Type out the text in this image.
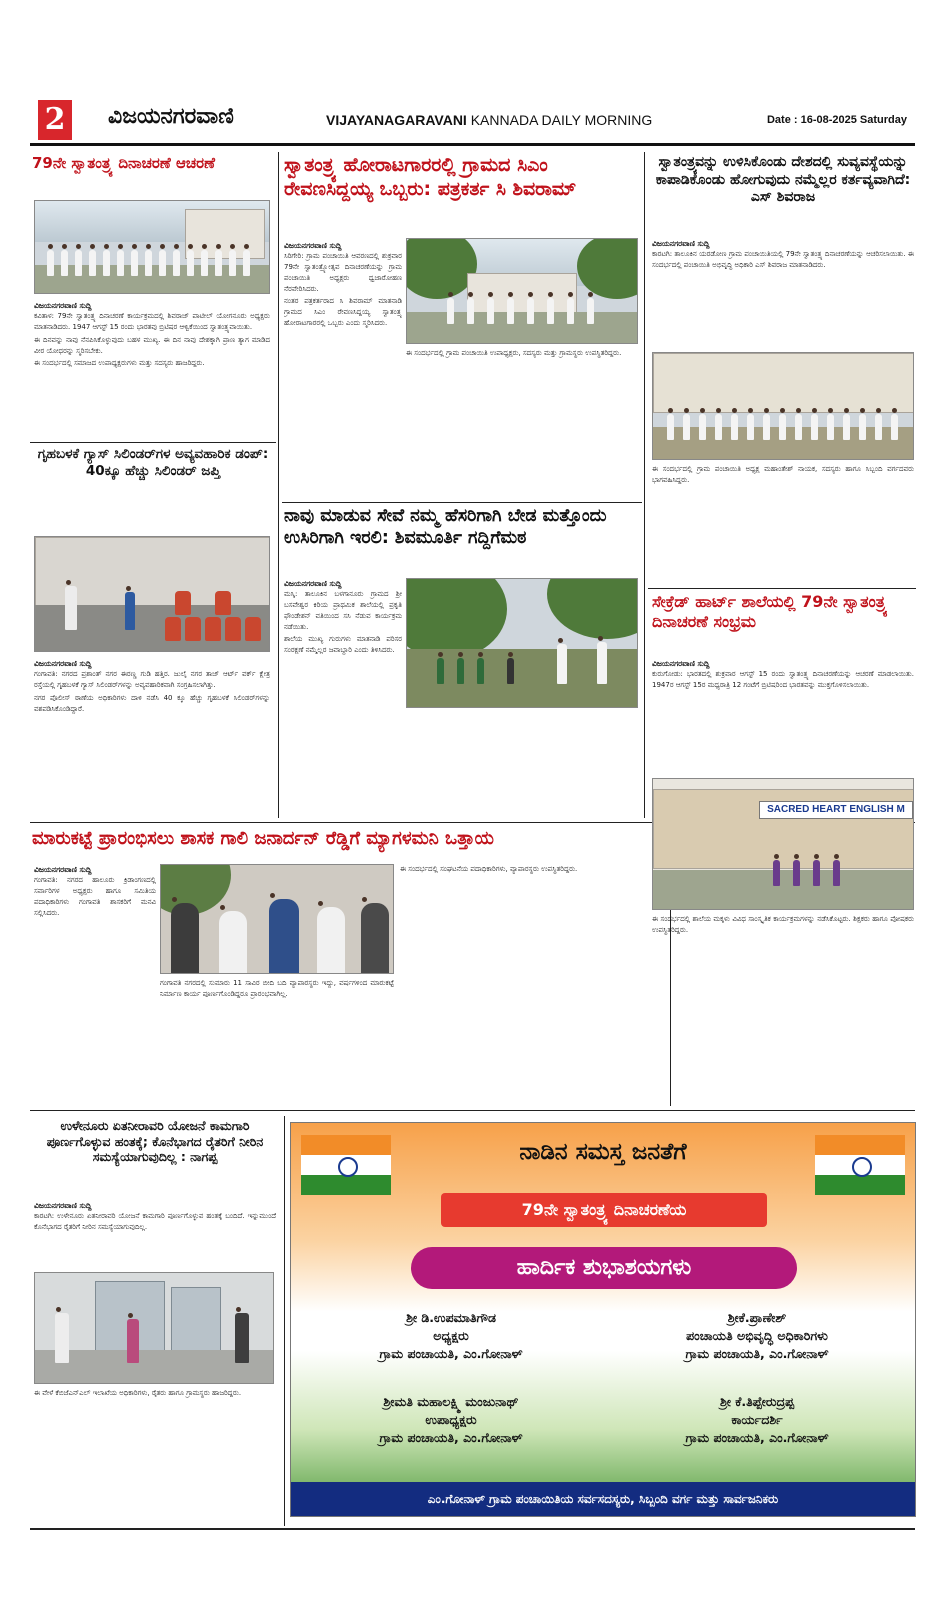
2 ವಿಜಯನಗರವಾಣಿ	VIJAYANAGARAVANI KANNADA DAILY MORNING	Date : 16-08-2025 Saturday
79ನೇ ಸ್ವಾತಂತ್ರ್ಯ ದಿನಾಚರಣೆ ಆಚರಣೆ
ವಿಜಯನಗರವಾಣಿ ಸುದ್ದಿ

ಕವಿತಾಳ: 79ನೇ ಸ್ವಾತಂತ್ರ್ಯ ದಿನಾಚರಣೆ ಕಾರ್ಯಕ್ರಮದಲ್ಲಿ ಶಿವರಾಜ್ ಪಾಟೀಲ್ ಯೋಗನೂರು ಅಧ್ಯಕ್ಷರು ಮಾತನಾಡಿದರು. 1947 ಆಗಸ್ಟ್ 15 ರಂದು ಭಾರತವು ಬ್ರಿಟಿಷರ ಆಳ್ವಿಕೆಯಿಂದ ಸ್ವಾತಂತ್ರ್ಯವಾಯಿತು.

ಈ ದಿನವನ್ನು ನಾವು ನೆನಪಿಸಿಕೊಳ್ಳುವುದು ಬಹಳ ಮುಖ್ಯ. ಈ ದಿನ ನಾವು ದೇಶಕ್ಕಾಗಿ ಪ್ರಾಣ ತ್ಯಾಗ ಮಾಡಿದ ವೀರ ಯೋಧರನ್ನು ಸ್ಮರಿಸಬೇಕು.

ಈ ಸಂದರ್ಭದಲ್ಲಿ ಸಮಾಜದ ಉಪಾಧ್ಯಕ್ಷರುಗಳು ಮತ್ತು ಸದಸ್ಯರು ಹಾಜರಿದ್ದರು.

ಗೃಹಬಳಕೆ ಗ್ಯಾಸ್ ಸಿಲಿಂಡರ್‌ಗಳ ಅವ್ಯವಹಾರಿಕ ಡಂಪ್: 40ಕ್ಕೂ ಹೆಚ್ಚು ಸಿಲಿಂಡರ್ ಜಪ್ತಿ
ವಿಜಯನಗರವಾಣಿ ಸುದ್ದಿ

ಗಂಗಾವತಿ: ನಗರದ ಪ್ರಶಾಂತ್ ನಗರ ಈರಣ್ಣ ಗುಡಿ ಹತ್ತಿರ. ಜುಲೈ ನಗರ ತಾಜ್ ಆರ್ಟ್ ವರ್ಕ್ ಕ್ಷೇತ್ರ ರಸ್ತೆಯಲ್ಲಿ ಗೃಹಬಳಕೆ ಗ್ಯಾಸ್ ಸಿಲಿಂಡರ್‌ಗಳನ್ನು ಅವ್ಯವಹಾರಿಕವಾಗಿ ಸಂಗ್ರಹಿಸಲಾಗಿತ್ತು.

ನಗರ ಪೊಲೀಸ್ ಠಾಣೆಯ ಅಧಿಕಾರಿಗಳು ದಾಳಿ ನಡೆಸಿ 40 ಕ್ಕೂ ಹೆಚ್ಚು ಗೃಹಬಳಕೆ ಸಿಲಿಂಡರ್‌ಗಳನ್ನು ವಶಪಡಿಸಿಕೊಂಡಿದ್ದಾರೆ.

ಸ್ವಾತಂತ್ರ್ಯ ಹೋರಾಟಗಾರರಲ್ಲಿ ಗ್ರಾಮದ ಸಿಎಂ ರೇವಣಸಿದ್ದಯ್ಯ ಒಬ್ಬರು: ಪತ್ರಕರ್ತ ಸಿ ಶಿವರಾಮ್
ವಿಜಯನಗರವಾಣಿ ಸುದ್ದಿ

ಸಿರಿಗೇರಿ: ಗ್ರಾಮ ಪಂಚಾಯಿತಿ ಆವರಣದಲ್ಲಿ ಶುಕ್ರವಾರ 79ನೇ ಸ್ವಾತಂತ್ರ್ಯೋತ್ಸವ ದಿನಾಚರಣೆಯನ್ನು ಗ್ರಾಮ ಪಂಚಾಯಿತಿ ಅಧ್ಯಕ್ಷರು ಧ್ವಜಾರೋಹಣ ನೆರವೇರಿಸಿದರು.

ನಂತರ ಪತ್ರಕರ್ತರಾದ ಸಿ ಶಿವರಾಮ್ ಮಾತನಾಡಿ ಗ್ರಾಮದ ಸಿಎಂ ರೇವಣಸಿದ್ದಯ್ಯ ಸ್ವಾತಂತ್ರ್ಯ ಹೋರಾಟಗಾರರಲ್ಲಿ ಒಬ್ಬರು ಎಂದು ಸ್ಮರಿಸಿದರು.

ಈ ಸಂದರ್ಭದಲ್ಲಿ ಗ್ರಾಮ ಪಂಚಾಯಿತಿ ಉಪಾಧ್ಯಕ್ಷರು, ಸದಸ್ಯರು ಮತ್ತು ಗ್ರಾಮಸ್ಥರು ಉಪಸ್ಥಿತರಿದ್ದರು.

ನಾವು ಮಾಡುವ ಸೇವೆ ನಮ್ಮ ಹೆಸರಿಗಾಗಿ ಬೇಡ ಮತ್ತೊಂದು ಉಸಿರಿಗಾಗಿ ಇರಲಿ: ಶಿವಮೂರ್ತಿ ಗದ್ದಿಗೆಮಠ
ವಿಜಯನಗರವಾಣಿ ಸುದ್ದಿ

ಮಸ್ಕಿ: ತಾಲೂಕಿನ ಬಳಗಾನೂರು ಗ್ರಾಮದ ಶ್ರೀ ಬಸವೇಶ್ವರ ಕಿರಿಯ ಪ್ರಾಥಮಿಕ ಶಾಲೆಯಲ್ಲಿ ಪ್ರಕೃತಿ ಫೌಂಡೇಶನ್ ವತಿಯಿಂದ ಸಸಿ ನೆಡುವ ಕಾರ್ಯಕ್ರಮ ನಡೆಯಿತು.

ಶಾಲೆಯ ಮುಖ್ಯ ಗುರುಗಳು ಮಾತನಾಡಿ ಪರಿಸರ ಸಂರಕ್ಷಣೆ ನಮ್ಮೆಲ್ಲರ ಜವಾಬ್ದಾರಿ ಎಂದು ತಿಳಿಸಿದರು.

ಸ್ವಾತಂತ್ರ್ಯವನ್ನು ಉಳಿಸಿಕೊಂಡು ದೇಶದಲ್ಲಿ ಸುವ್ಯವಸ್ಥೆಯನ್ನು ಕಾಪಾಡಿಕೊಂಡು ಹೋಗುವುದು ನಮ್ಮೆಲ್ಲರ ಕರ್ತವ್ಯವಾಗಿದೆ: ಎಸ್ ಶಿವರಾಜ
ವಿಜಯನಗರವಾಣಿ ಸುದ್ದಿ

ಕಾರಟಗಿ: ತಾಲೂಕಿನ ಯರಡೋಣ ಗ್ರಾಮ ಪಂಚಾಯಿತಿಯಲ್ಲಿ 79ನೇ ಸ್ವಾತಂತ್ರ್ಯ ದಿನಾಚರಣೆಯನ್ನು ಆಚರಿಸಲಾಯಿತು. ಈ ಸಂದರ್ಭದಲ್ಲಿ ಪಂಚಾಯಿತಿ ಅಭಿವೃದ್ಧಿ ಅಧಿಕಾರಿ ಎಸ್ ಶಿವರಾಜ ಮಾತನಾಡಿದರು.

ಈ ಸಂದರ್ಭದಲ್ಲಿ ಗ್ರಾಮ ಪಂಚಾಯಿತಿ ಅಧ್ಯಕ್ಷ ಮಹಾಂತೇಶ್ ನಾಯಕ, ಸದಸ್ಯರು ಹಾಗೂ ಸಿಬ್ಬಂದಿ ವರ್ಗದವರು ಭಾಗವಹಿಸಿದ್ದರು.

ಸೇಕ್ರೆಡ್ ಹಾರ್ಟ್ ಶಾಲೆಯಲ್ಲಿ 79ನೇ ಸ್ವಾತಂತ್ರ್ಯ ದಿನಾಚರಣೆ ಸಂಭ್ರಮ
ವಿಜಯನಗರವಾಣಿ ಸುದ್ದಿ

ಕುರುಗೋಡು: ಭಾರತದಲ್ಲಿ ಶುಕ್ರವಾರ ಆಗಸ್ಟ್ 15 ರಂದು ಸ್ವಾತಂತ್ರ್ಯ ದಿನಾಚರಣೆಯನ್ನು ಆಚರಣೆ ಮಾಡಲಾಯಿತು. 1947ರ ಆಗಸ್ಟ್ 15ರ ಮಧ್ಯರಾತ್ರಿ 12 ಗಂಟೆಗೆ ಬ್ರಿಟಿಷರಿಂದ ಭಾರತವನ್ನು ಮುಕ್ತಗೊಳಿಸಲಾಯಿತು.

SACRED HEART ENGLISH M

ಈ ಸಂದರ್ಭದಲ್ಲಿ ಶಾಲೆಯ ಮಕ್ಕಳು ವಿವಿಧ ಸಾಂಸ್ಕೃತಿಕ ಕಾರ್ಯಕ್ರಮಗಳನ್ನು ನಡೆಸಿಕೊಟ್ಟರು. ಶಿಕ್ಷಕರು ಹಾಗೂ ಪೋಷಕರು ಉಪಸ್ಥಿತರಿದ್ದರು.

ಮಾರುಕಟ್ಟೆ ಪ್ರಾರಂಭಿಸಲು ಶಾಸಕ ಗಾಲಿ ಜನಾರ್ದನ್ ರೆಡ್ಡಿಗೆ ಮ್ಯಾಗಳಮನಿ ಒತ್ತಾಯ
ವಿಜಯನಗರವಾಣಿ ಸುದ್ದಿ

ಗಂಗಾವತಿ: ನಗರದ ಹಾಲೂರು ಕ್ರಿಡಾಂಗಣದಲ್ಲಿ ಸರ್ವಾರಿಗಳ ಅಧ್ಯಕ್ಷರು ಹಾಗೂ ಸಮಿತಿಯ ಪದಾಧಿಕಾರಿಗಳು ಗಂಗಾವತಿ ಶಾಸಕರಿಗೆ ಮನವಿ ಸಲ್ಲಿಸಿದರು.

ಗಂಗಾವತಿ ನಗರದಲ್ಲಿ ಸುಮಾರು 11 ಸಾವಿರ ಬೀದಿ ಬದಿ ವ್ಯಾಪಾರಸ್ಥರು ಇದ್ದು, ವರ್ಷಗಳಿಂದ ಮಾರುಕಟ್ಟೆ ನಿರ್ಮಾಣ ಕಾರ್ಯ ಪೂರ್ಣಗೊಂಡಿದ್ದರೂ ಪ್ರಾರಂಭವಾಗಿಲ್ಲ.

ಈ ಸಂದರ್ಭದಲ್ಲಿ ಸಂಘಟನೆಯ ಪದಾಧಿಕಾರಿಗಳು, ವ್ಯಾಪಾರಸ್ಥರು ಉಪಸ್ಥಿತರಿದ್ದರು.

ಉಳೇನೂರು ಏತನೀರಾವರಿ ಯೋಜನೆ ಕಾಮಗಾರಿ ಪೂರ್ಣಗೊಳ್ಳುವ ಹಂತಕ್ಕೆ; ಕೊನೆಭಾಗದ ರೈತರಿಗೆ ನೀರಿನ ಸಮಸ್ಯೆಯಾಗುವುದಿಲ್ಲ : ನಾಗಪ್ಪ
ವಿಜಯನಗರವಾಣಿ ಸುದ್ದಿ

ಕಾರಟಗಿ: ಉಳೇನೂರು ಏತನೀರಾವರಿ ಯೋಜನೆ ಕಾಮಗಾರಿ ಪೂರ್ಣಗೊಳ್ಳುವ ಹಂತಕ್ಕೆ ಬಂದಿದೆ. ಇನ್ನುಮುಂದೆ ಕೊನೆಭಾಗದ ರೈತರಿಗೆ ನೀರಿನ ಸಮಸ್ಯೆಯಾಗುವುದಿಲ್ಲ.

ಈ ವೇಳೆ ಕೆಬಿಜೆಎನ್‌ಎಲ್ ಇಲಾಖೆಯ ಅಧಿಕಾರಿಗಳು, ರೈತರು ಹಾಗೂ ಗ್ರಾಮಸ್ಥರು ಹಾಜರಿದ್ದರು.

ನಾಡಿನ ಸಮಸ್ತ ಜನತೆಗೆ
79ನೇ ಸ್ವಾತಂತ್ರ್ಯ ದಿನಾಚರಣೆಯ
ಹಾರ್ದಿಕ ಶುಭಾಶಯಗಳು
ಶ್ರೀ ಡಿ.ಉಪಮಾತಿಗೌಡ
ಅಧ್ಯಕ್ಷರು
ಗ್ರಾಮ ಪಂಚಾಯತಿ, ಎಂ.ಗೋನಾಳ್
ಶ್ರೀಕೆ.ಪ್ರಾಣೇಶ್
ಪಂಚಾಯತಿ ಅಭಿವೃದ್ಧಿ ಅಧಿಕಾರಿಗಳು
ಗ್ರಾಮ ಪಂಚಾಯತಿ, ಎಂ.ಗೋನಾಳ್
ಶ್ರೀಮತಿ ಮಹಾಲಕ್ಷ್ಮಿ ಮಂಜುನಾಥ್
ಉಪಾಧ್ಯಕ್ಷರು
ಗ್ರಾಮ ಪಂಚಾಯತಿ, ಎಂ.ಗೋನಾಳ್
ಶ್ರೀ ಕೆ.ತಿಪ್ಪೇರುದ್ರಪ್ಪ
ಕಾರ್ಯದರ್ಶಿ
ಗ್ರಾಮ ಪಂಚಾಯತಿ, ಎಂ.ಗೋನಾಳ್
ಎಂ.ಗೋನಾಳ್ ಗ್ರಾಮ ಪಂಚಾಯಿತಿಯ ಸರ್ವಸದಸ್ಯರು, ಸಿಬ್ಬಂದಿ ವರ್ಗ ಮತ್ತು ಸಾರ್ವಜನಿಕರು
